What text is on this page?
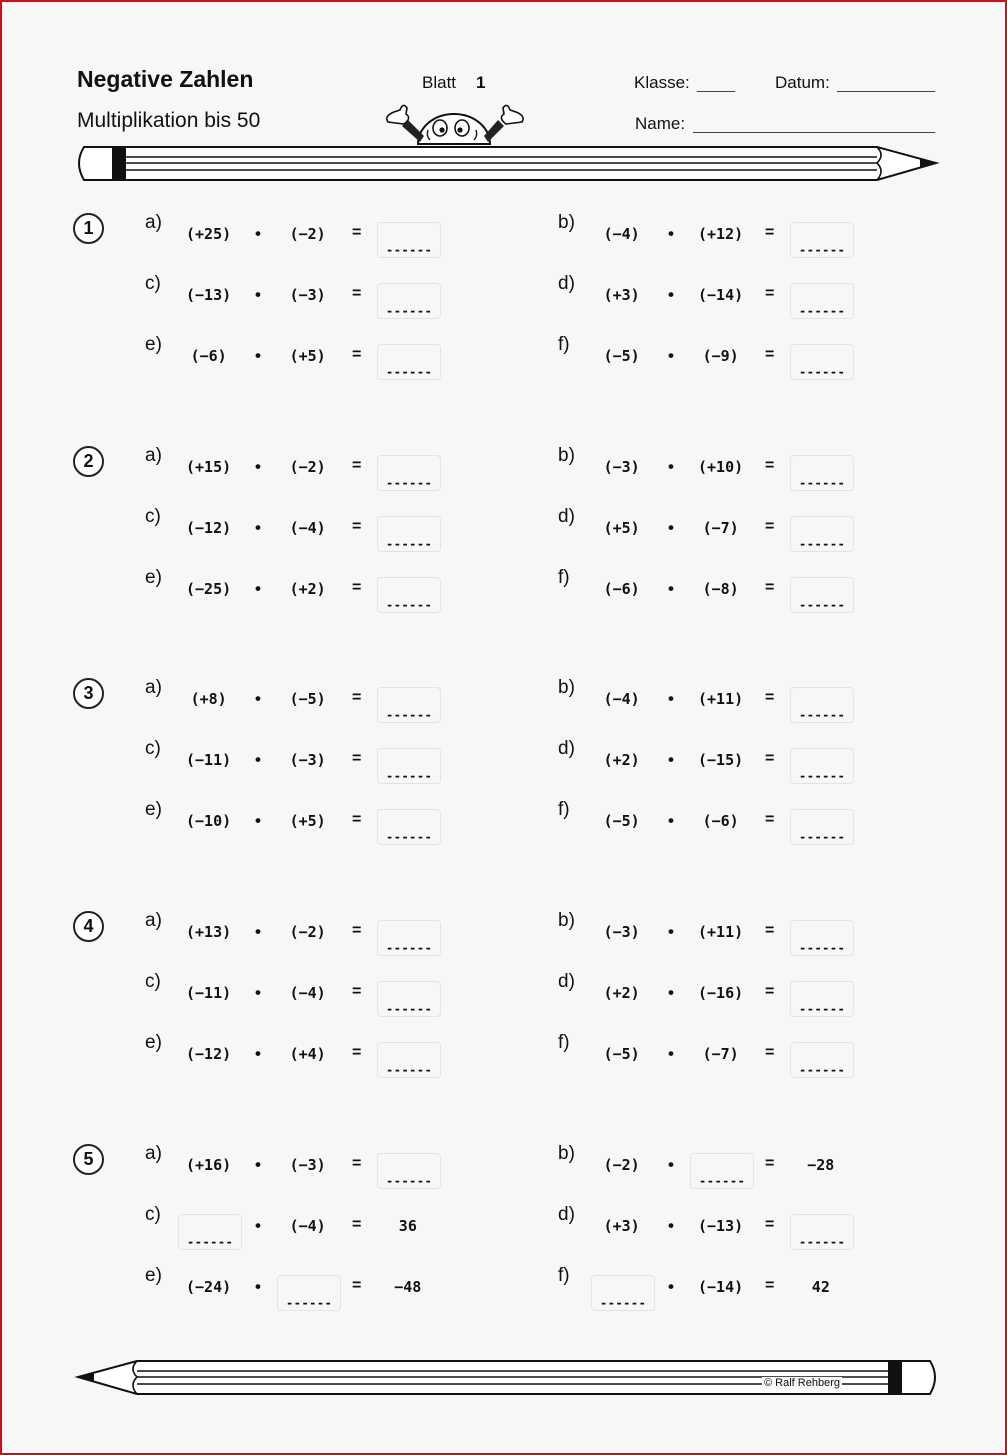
Negative Zahlen
Multiplikation bis 50
Blatt 1	Klasse:	Datum:
Name:
1	a)
(+25) • (−2) =
------
b)
(−4) • (+12) =
------
c)
(−13) • (−3) =
------
d)
(+3) • (−14) =
------
e)
(−6) • (+5) =
------
f)
(−5) • (−9) =
------
2	a)
(+15) • (−2) =
------
b)
(−3) • (+10) =
------
c)
(−12) • (−4) =
------
d)
(+5) • (−7) =
------
e)
(−25) • (+2) =
------
f)
(−6) • (−8) =
------
3	a)
(+8) • (−5) =
------
b)
(−4) • (+11) =
------
c)
(−11) • (−3) =
------
d)
(+2) • (−15) =
------
e)
(−10) • (+5) =
------
f)
(−5) • (−6) =
------
4	a)
(+13) • (−2) =
------
b)
(−3) • (+11) =
------
c)
(−11) • (−4) =
------
d)
(+2) • (−16) =
------
e)
(−12) • (+4) =
------
f)
(−5) • (−7) =
------
5	a)
(+16) • (−3) =
------
b)
(−2) •
------
= −28
c)
------
• (−4) = 36
d)
(+3) • (−13) =
------
e)
(−24) •
------
= −48
f)
------
• (−14) = 42
© Ralf Rehberg
